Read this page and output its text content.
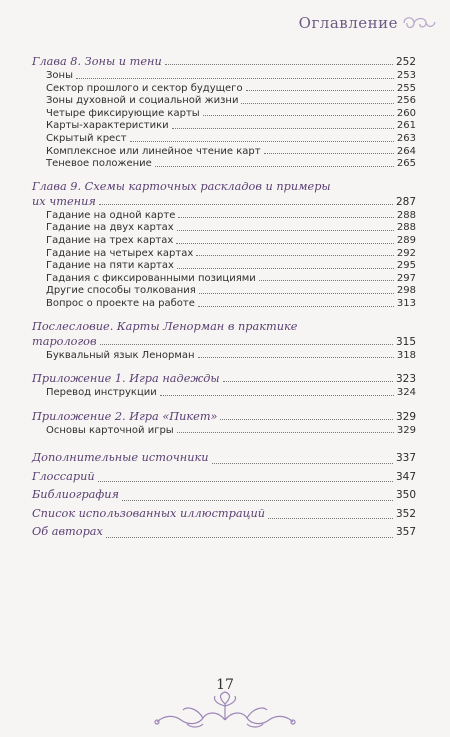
Оглавление
Глава 8. Зоны и тени	252
Зоны	253
Сектор прошлого и сектор будущего	255
Зоны духовной и социальной жизни	256
Четыре фиксирующие карты	260
Карты-характеристики	261
Скрытый крест	263
Комплексное или линейное чтение карт	264
Теневое положение	265
Глава 9. Схемы карточных раскладов и примеры
их чтения	287
Гадание на одной карте	288
Гадание на двух картах	288
Гадание на трех картах	289
Гадание на четырех картах	292
Гадание на пяти картах	295
Гадания с фиксированными позициями	297
Другие способы толкования	298
Вопрос о проекте на работе	313
Послесловие. Карты Ленорман в практике
тарологов	315
Буквальный язык Ленорман	318
Приложение 1. Игра надежды	323
Перевод инструкции	324
Приложение 2. Игра «Пикет»	329
Основы карточной игры	329
Дополнительные источники	337
Глоссарий	347
Библиография	350
Список использованных иллюстраций	352
Об авторах	357
17
